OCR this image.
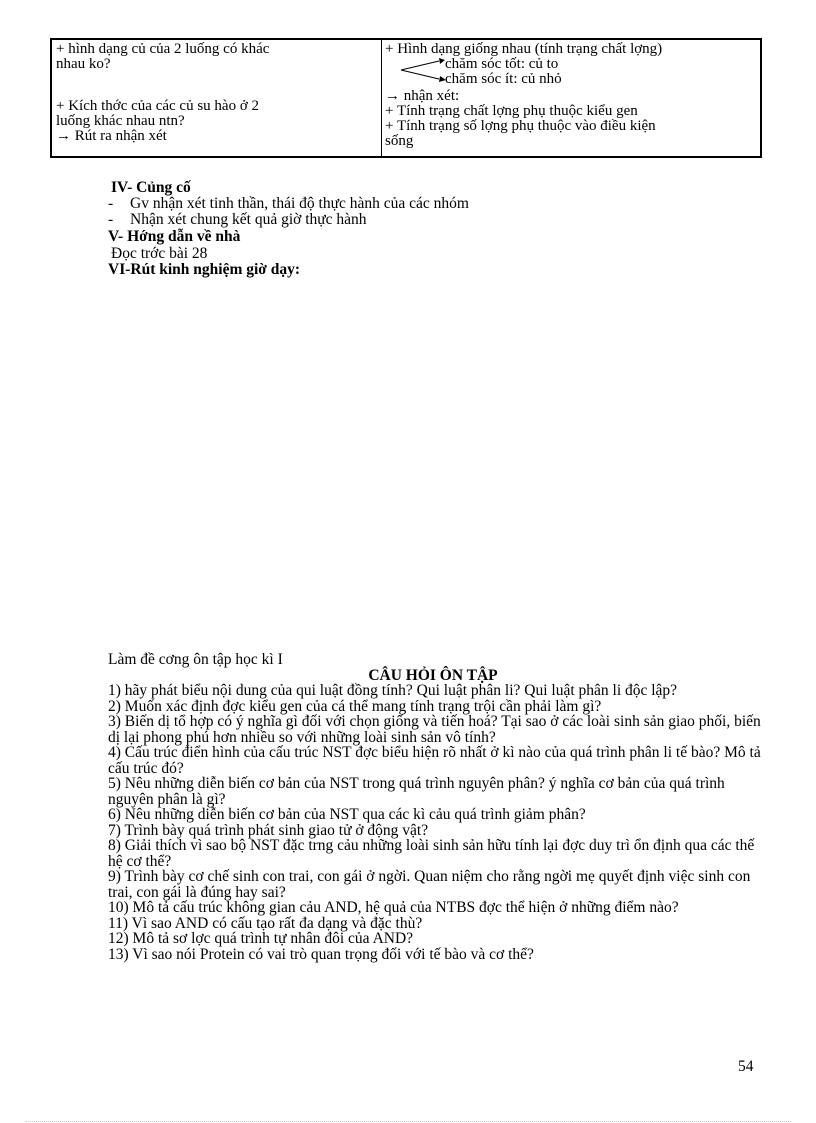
+ hình dạng củ của 2 luống có khác
nhau ko?
+ Kích thớc của các củ su hào ở 2
luống khác nhau ntn?
→ Rút ra nhận xét
+ Hình dạng giống nhau (tính trạng chất lợng)
chăm sóc tốt: củ to
chăm sóc ít: củ nhỏ
→ nhận xét:
+ Tính trạng chất lợng phụ thuộc kiểu gen
+ Tính trạng số lợng phụ thuộc vào điều kiện
sống
IV- Củng cố
- Gv nhận xét tinh thần, thái độ thực hành của các nhóm
- Nhận xét chung kết quả giờ thực hành
V- Hớng dẫn về nhà
Đọc trớc bài 28
VI-Rút kinh nghiệm giờ dạy:
Làm đề cơng ôn tập học kì I
CÂU HỎI ÔN TẬP
1) hãy phát biểu nội dung của qui luật đồng tính? Qui luật phân li? Qui luật phân li độc lập?
2) Muốn xác định đợc kiểu gen của cá thể mang tính trạng trội cần phải làm gì?
3) Biến dị tổ hợp có ý nghĩa gì đối với chọn giống và tiến hoá? Tại sao ở các loài sinh sản giao phối, biến dị lại phong phú hơn nhiều so với những loài sinh sản vô tính?
4) Cấu trúc điển hình của cấu trúc NST đợc biểu hiện rõ nhất ở kì nào của quá trình phân li tế bào? Mô tả cấu trúc đó?
5) Nêu những diễn biến cơ bản của NST trong quá trình nguyên phân? ý nghĩa cơ bản của quá trình nguyên phân là gì?
6) Nêu những diễn biến cơ bản của NST qua các kì cảu quá trình giảm phân?
7) Trình bày quá trình phát sinh giao tử ở động vật?
8) Giải thích vì sao bộ NST đặc trng cảu những loài sinh sản hữu tính lại đợc duy trì ổn định qua các thế hệ cơ thể?
9) Trình bày cơ chế sinh con trai, con gái ở ngời. Quan niệm cho rằng ngời mẹ quyết định việc sinh con trai, con gái là đúng hay sai?
10) Mô tả cấu trúc không gian cảu AND, hệ quả của NTBS đợc thể hiện ở những điểm nào?
11) Vì sao AND có cấu tạo rất đa dạng và đặc thù?
12) Mô tả sơ lợc quá trình tự nhân đôi của AND?
13) Vì sao nói Protein có vai trò quan trọng đối với tế bào và cơ thể?
54
